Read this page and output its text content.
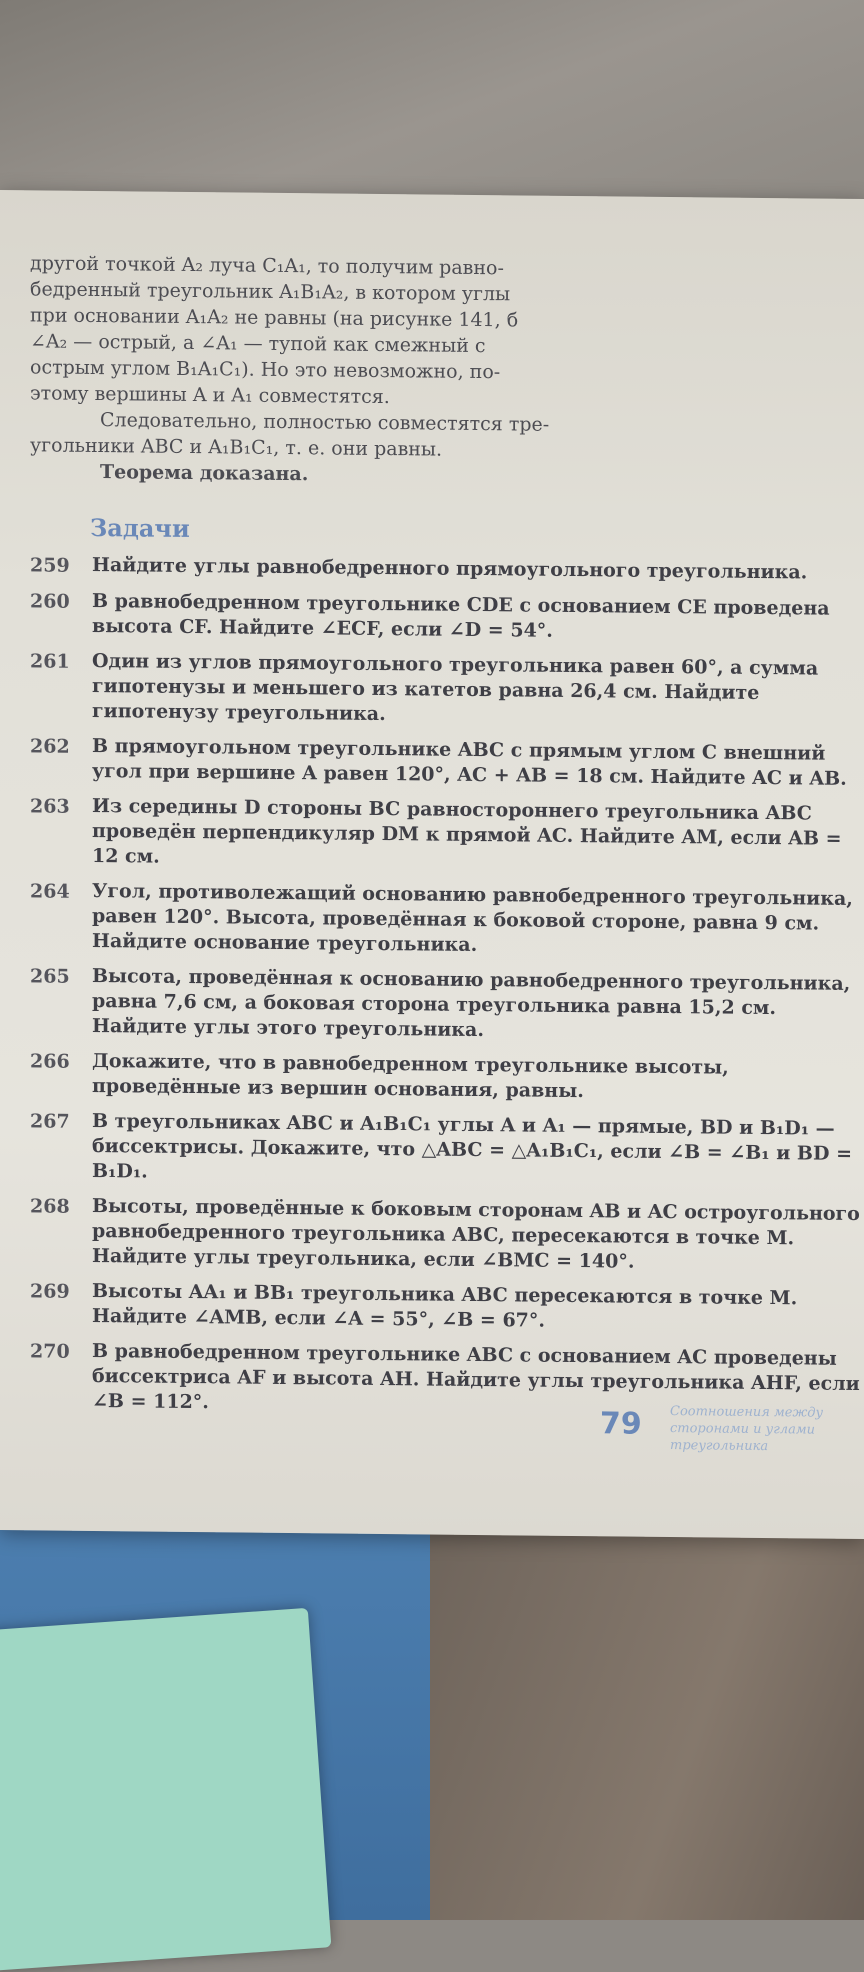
другой точкой A₂ луча C₁A₁, то получим равно-
бедренный треугольник A₁B₁A₂, в котором углы
при основании A₁A₂ не равны (на рисунке 141, б
∠A₂ — острый, а ∠A₁ — тупой как смежный с
острым углом B₁A₁C₁). Но это невозможно, по-
этому вершины A и A₁ совместятся.
Следовательно, полностью совместятся тре-
угольники ABC и A₁B₁C₁, т. е. они равны.
Теорема доказана.
Задачи
259	Найдите углы равнобедренного прямоугольного треугольника.
260	В равнобедренном треугольнике CDE с основанием CE проведена высота CF. Найдите ∠ECF, если ∠D = 54°.
261	Один из углов прямоугольного треугольника равен 60°, а сумма гипотенузы и меньшего из катетов равна 26,4 см. Найдите гипотенузу треугольника.
262	В прямоугольном треугольнике ABC с прямым углом C внешний угол при вершине A равен 120°, AC + AB = 18 см. Найдите AC и AB.
263	Из середины D стороны BC равностороннего треугольника ABC проведён перпендикуляр DM к прямой AC. Найдите AM, если AB = 12 см.
264	Угол, противолежащий основанию равнобедренного треугольника, равен 120°. Высота, проведённая к боковой стороне, равна 9 см. Найдите основание треугольника.
265	Высота, проведённая к основанию равнобедренного треугольника, равна 7,6 см, а боковая сторона треугольника равна 15,2 см. Найдите углы этого треугольника.
266	Докажите, что в равнобедренном треугольнике высоты, проведённые из вершин основания, равны.
267	В треугольниках ABC и A₁B₁C₁ углы A и A₁ — прямые, BD и B₁D₁ — биссектрисы. Докажите, что △ABC = △A₁B₁C₁, если ∠B = ∠B₁ и BD = B₁D₁.
268	Высоты, проведённые к боковым сторонам AB и AC остроугольного равнобедренного треугольника ABC, пересекаются в точке M. Найдите углы треугольника, если ∠BMC = 140°.
269	Высоты AA₁ и BB₁ треугольника ABC пересекаются в точке M. Найдите ∠AMB, если ∠A = 55°, ∠B = 67°.
270	В равнобедренном треугольнике ABC с основанием AC проведены биссектриса AF и высота AH. Найдите углы треугольника AHF, если ∠B = 112°.
79 Соотношения между сторонами и углами треугольника
